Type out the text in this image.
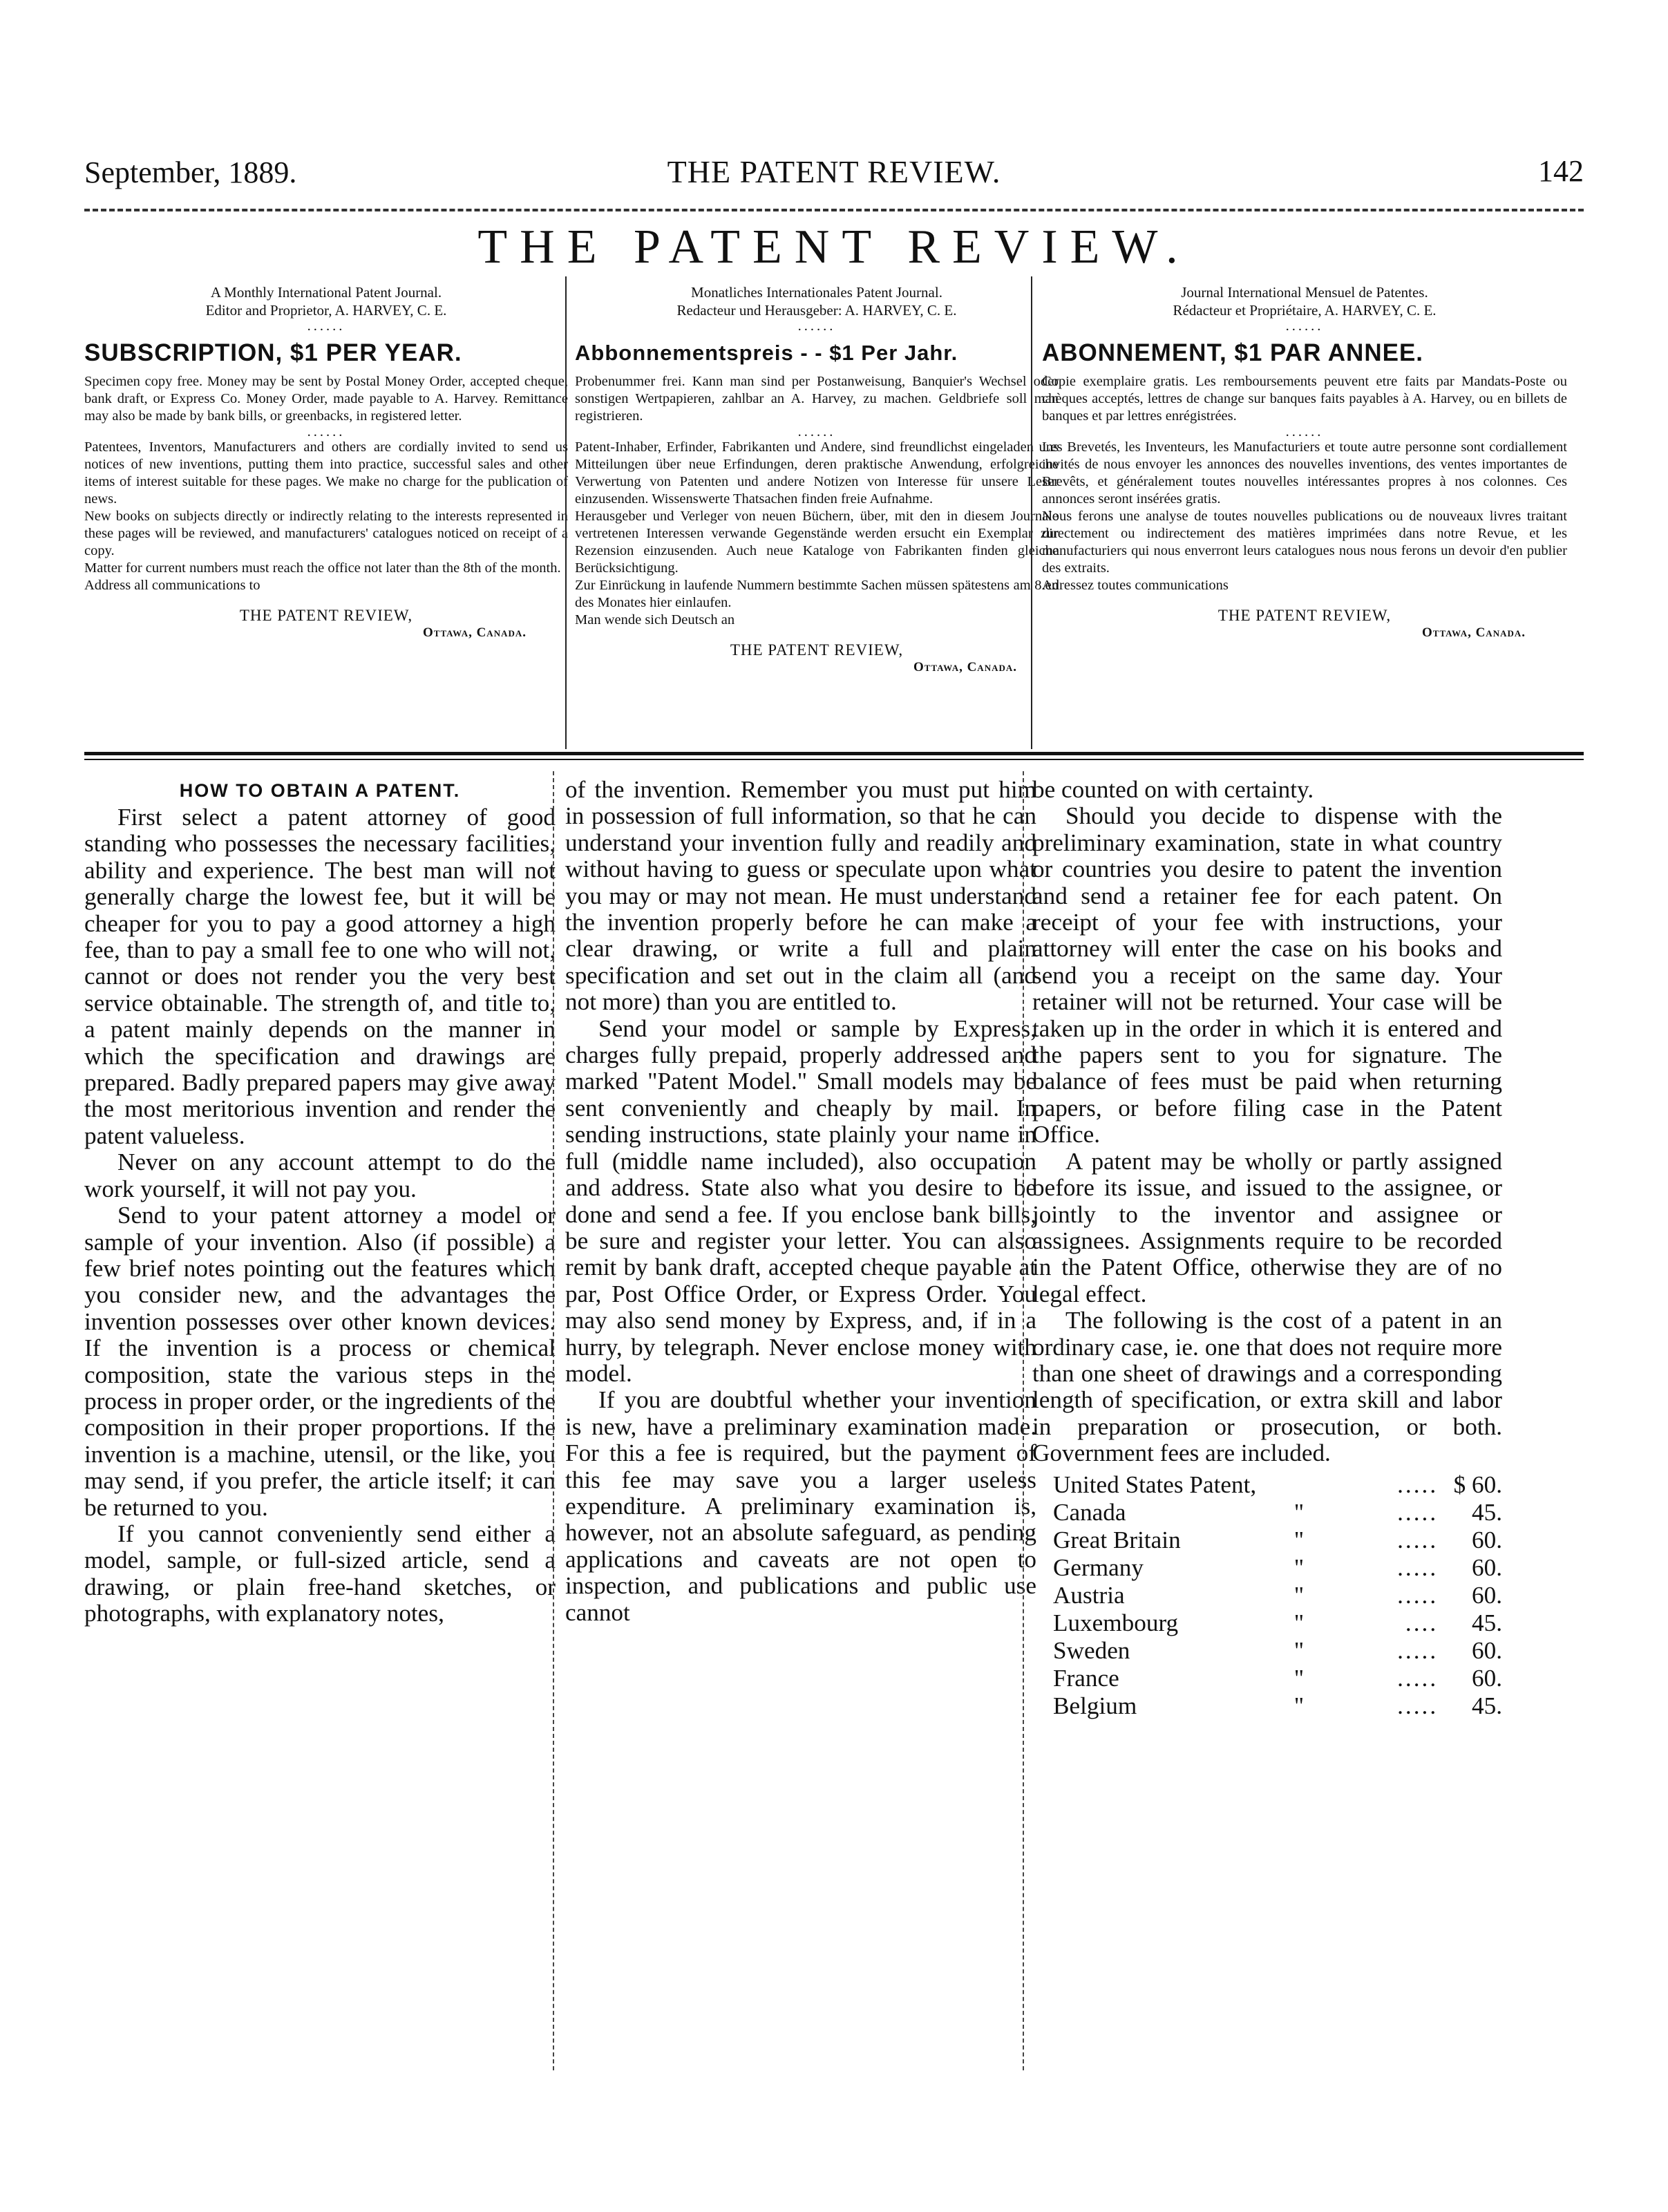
September, 1889.	THE PATENT REVIEW.	142
THE PATENT REVIEW.
A Monthly International Patent Journal.
Editor and Proprietor, A. HARVEY, C. E.
......
SUBSCRIPTION, $1 PER YEAR.

Specimen copy free. Money may be sent by Postal Money Order, accepted cheque, bank draft, or Express Co. Money Order, made payable to A. Harvey. Remittance may also be made by bank bills, or greenbacks, in registered letter.

......

Patentees, Inventors, Manufacturers and others are cordially invited to send us notices of new inventions, putting them into practice, successful sales and other items of interest suitable for these pages. We make no charge for the publication of news.

New books on subjects directly or indirectly relating to the interests represented in these pages will be reviewed, and manufacturers' catalogues noticed on receipt of a copy.

Matter for current numbers must reach the office not later than the 8th of the month.

Address all communications to

THE PATENT REVIEW,
Ottawa, Canada.
Monatliches Internationales Patent Journal.
Redacteur und Herausgeber: A. HARVEY, C. E.
......
Abbonnementspreis - - $1 Per Jahr.

Probenummer frei. Kann man sind per Postanweisung, Banquier's Wechsel oder sonstigen Wertpapieren, zahlbar an A. Harvey, zu machen. Geldbriefe soll man registrieren.

......

Patent-Inhaber, Erfinder, Fabrikanten und Andere, sind freundlichst eingeladen uns Mitteilungen über neue Erfindungen, deren praktische Anwendung, erfolgreiche Verwertung von Patenten und andere Notizen von Interesse für unsere Leser einzusenden. Wissenswerte Thatsachen finden freie Aufnahme.

Herausgeber und Verleger von neuen Büchern, über, mit den in diesem Journale vertretenen Interessen verwande Gegenstände werden ersucht ein Exemplar zur Rezension einzusenden. Auch neue Kataloge von Fabrikanten finden gleiche Berücksichtigung.

Zur Einrückung in laufende Nummern bestimmte Sachen müssen spätestens am 8.en des Monates hier einlaufen.

Man wende sich Deutsch an

THE PATENT REVIEW,
Ottawa, Canada.
Journal International Mensuel de Patentes.
Rédacteur et Propriétaire, A. HARVEY, C. E.
......
ABONNEMENT, $1 PAR ANNEE.

Copie exemplaire gratis. Les remboursements peuvent etre faits par Mandats-Poste ou chèques acceptés, lettres de change sur banques faits payables à A. Harvey, ou en billets de banques et par lettres enrégistrées.

......

Les Brevetés, les Inventeurs, les Manufacturiers et toute autre personne sont cordiallement invités de nous envoyer les annonces des nouvelles inventions, des ventes importantes de Brevêts, et généralement toutes nouvelles intéressantes propres à nos colonnes. Ces annonces seront insérées gratis.

Nous ferons une analyse de toutes nouvelles publications ou de nouveaux livres traitant directement ou indirectement des matières imprimées dans notre Revue, et les manufacturiers qui nous enverront leurs catalogues nous nous ferons un devoir d'en publier des extraits.

Adressez toutes communications

THE PATENT REVIEW,
Ottawa, Canada.
HOW TO OBTAIN A PATENT.

First select a patent attorney of good standing who possesses the necessary facilities, ability and experience. The best man will not generally charge the lowest fee, but it will be cheaper for you to pay a good attorney a high fee, than to pay a small fee to one who will not, cannot or does not render you the very best service obtainable. The strength of, and title to, a patent mainly depends on the manner in which the specification and drawings are prepared. Badly prepared papers may give away the most meritorious invention and render the patent valueless.

Never on any account attempt to do the work yourself, it will not pay you.

Send to your patent attorney a model or sample of your invention. Also (if possible) a few brief notes pointing out the features which you consider new, and the advantages the invention possesses over other known devices. If the invention is a process or chemical composition, state the various steps in the process in proper order, or the ingredients of the composition in their proper proportions. If the invention is a machine, utensil, or the like, you may send, if you prefer, the article itself; it can be returned to you.

If you cannot conveniently send either a model, sample, or full-sized article, send a drawing, or plain free-hand sketches, or photographs, with explanatory notes,

of the invention. Remember you must put him in possession of full information, so that he can understand your invention fully and readily and without having to guess or speculate upon what you may or may not mean. He must understand the invention properly before he can make a clear drawing, or write a full and plain specification and set out in the claim all (and not more) than you are entitled to.

Send your model or sample by Express, charges fully prepaid, properly addressed and marked "Patent Model." Small models may be sent conveniently and cheaply by mail. In sending instructions, state plainly your name in full (middle name included), also occupation and address. State also what you desire to be done and send a fee. If you enclose bank bills, be sure and register your letter. You can also remit by bank draft, accepted cheque payable at par, Post Office Order, or Express Order. You may also send money by Express, and, if in a hurry, by telegraph. Never enclose money with model.

If you are doubtful whether your invention is new, have a preliminary examination made. For this a fee is required, but the payment of this fee may save you a larger useless expenditure. A preliminary examination is, however, not an absolute safeguard, as pending applications and caveats are not open to inspection, and publications and public use cannot

be counted on with certainty.

Should you decide to dispense with the preliminary examination, state in what country or countries you desire to patent the invention and send a retainer fee for each patent. On receipt of your fee with instructions, your attorney will enter the case on his books and send you a receipt on the same day. Your retainer will not be returned. Your case will be taken up in the order in which it is entered and the papers sent to you for signature. The balance of fees must be paid when returning papers, or before filing case in the Patent Office.

A patent may be wholly or partly assigned before its issue, and issued to the assignee, or jointly to the inventor and assignee or assignees. Assignments require to be recorded in the Patent Office, otherwise they are of no legal effect.

The following is the cost of a patent in an ordinary case, ie. one that does not require more than one sheet of drawings and a corresponding length of specification, or extra skill and labor in preparation or prosecution, or both. Government fees are included.

United States Patent,		.....	$ 60.
Canada	"	.....	45.
Great Britain	"	.....	60.
Germany	"	.....	60.
Austria	"	.....	60.
Luxembourg	"	....	45.
Sweden	"	.....	60.
France	"	.....	60.
Belgium	"	.....	45.
